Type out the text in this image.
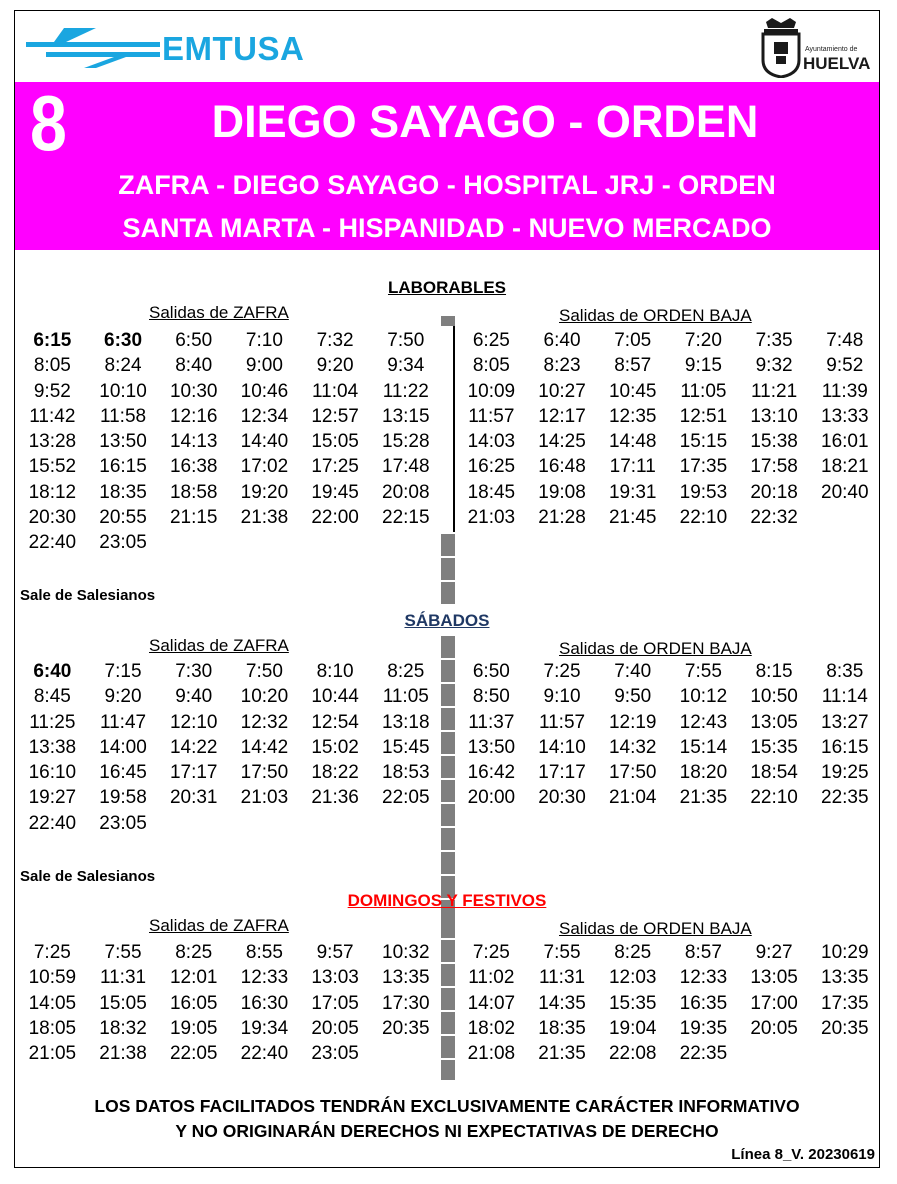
EMTUSA	Ayuntamiento de
HUELVA
8	DIEGO SAYAGO - ORDEN
ZAFRA - DIEGO SAYAGO - HOSPITAL JRJ - ORDEN
SANTA MARTA - HISPANIDAD - NUEVO MERCADO
LABORABLES
Salidas de ZAFRA	Salidas de ORDEN BAJA
6:15	6:30	6:50	7:10	7:32	7:50
8:05	8:24	8:40	9:00	9:20	9:34
9:52	10:10	10:30	10:46	11:04	11:22
11:42	11:58	12:16	12:34	12:57	13:15
13:28	13:50	14:13	14:40	15:05	15:28
15:52	16:15	16:38	17:02	17:25	17:48
18:12	18:35	18:58	19:20	19:45	20:08
20:30	20:55	21:15	21:38	22:00	22:15
22:40	23:05
6:25	6:40	7:05	7:20	7:35	7:48
8:05	8:23	8:57	9:15	9:32	9:52
10:09	10:27	10:45	11:05	11:21	11:39
11:57	12:17	12:35	12:51	13:10	13:33
14:03	14:25	14:48	15:15	15:38	16:01
16:25	16:48	17:11	17:35	17:58	18:21
18:45	19:08	19:31	19:53	20:18	20:40
21:03	21:28	21:45	22:10	22:32
Sale de Salesianos
SÁBADOS
Salidas de ZAFRA	Salidas de ORDEN BAJA
6:40	7:15	7:30	7:50	8:10	8:25
8:45	9:20	9:40	10:20	10:44	11:05
11:25	11:47	12:10	12:32	12:54	13:18
13:38	14:00	14:22	14:42	15:02	15:45
16:10	16:45	17:17	17:50	18:22	18:53
19:27	19:58	20:31	21:03	21:36	22:05
22:40	23:05
6:50	7:25	7:40	7:55	8:15	8:35
8:50	9:10	9:50	10:12	10:50	11:14
11:37	11:57	12:19	12:43	13:05	13:27
13:50	14:10	14:32	15:14	15:35	16:15
16:42	17:17	17:50	18:20	18:54	19:25
20:00	20:30	21:04	21:35	22:10	22:35
Sale de Salesianos
DOMINGOS Y FESTIVOS
Salidas de ZAFRA	Salidas de ORDEN BAJA
7:25	7:55	8:25	8:55	9:57	10:32
10:59	11:31	12:01	12:33	13:03	13:35
14:05	15:05	16:05	16:30	17:05	17:30
18:05	18:32	19:05	19:34	20:05	20:35
21:05	21:38	22:05	22:40	23:05
7:25	7:55	8:25	8:57	9:27	10:29
11:02	11:31	12:03	12:33	13:05	13:35
14:07	14:35	15:35	16:35	17:00	17:35
18:02	18:35	19:04	19:35	20:05	20:35
21:08	21:35	22:08	22:35
LOS DATOS FACILITADOS TENDRÁN EXCLUSIVAMENTE CARÁCTER INFORMATIVO
Y NO ORIGINARÁN DERECHOS NI EXPECTATIVAS DE DERECHO
Línea 8_V. 20230619
